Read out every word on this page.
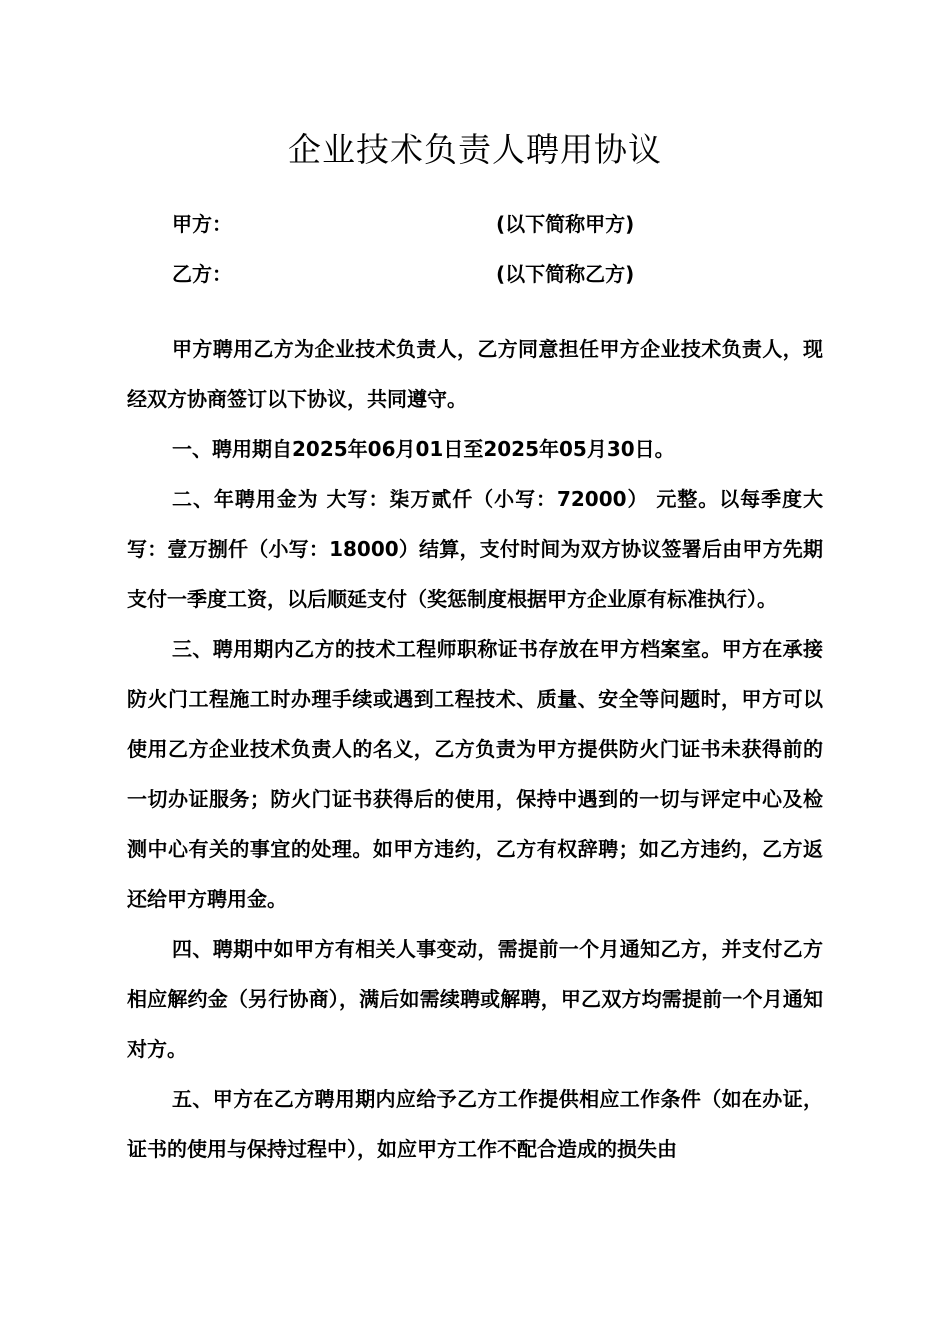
企业技术负责人聘用协议
甲方：	(以下简称甲方)
乙方：	(以下简称乙方)

甲方聘用乙方为企业技术负责人，乙方同意担任甲方企业技术负责人，现经双方协商签订以下协议，共同遵守。

一、聘用期自2025年06月01日至2025年05月30日。

二、年聘用金为 大写：柒万贰仟（小写：72000） 元整。以每季度大写：壹万捌仟（小写：18000）结算，支付时间为双方协议签署后由甲方先期支付一季度工资，以后顺延支付（奖惩制度根据甲方企业原有标准执行）。

三、聘用期内乙方的技术工程师职称证书存放在甲方档案室。甲方在承接防火门工程施工时办理手续或遇到工程技术、质量、安全等问题时，甲方可以使用乙方企业技术负责人的名义，乙方负责为甲方提供防火门证书未获得前的一切办证服务；防火门证书获得后的使用，保持中遇到的一切与评定中心及检测中心有关的事宜的处理。如甲方违约，乙方有权辞聘；如乙方违约，乙方返还给甲方聘用金。

四、聘期中如甲方有相关人事变动，需提前一个月通知乙方，并支付乙方相应解约金（另行协商），满后如需续聘或解聘，甲乙双方均需提前一个月通知对方。

五、甲方在乙方聘用期内应给予乙方工作提供相应工作条件（如在办证，证书的使用与保持过程中），如应甲方工作不配合造成的损失由
